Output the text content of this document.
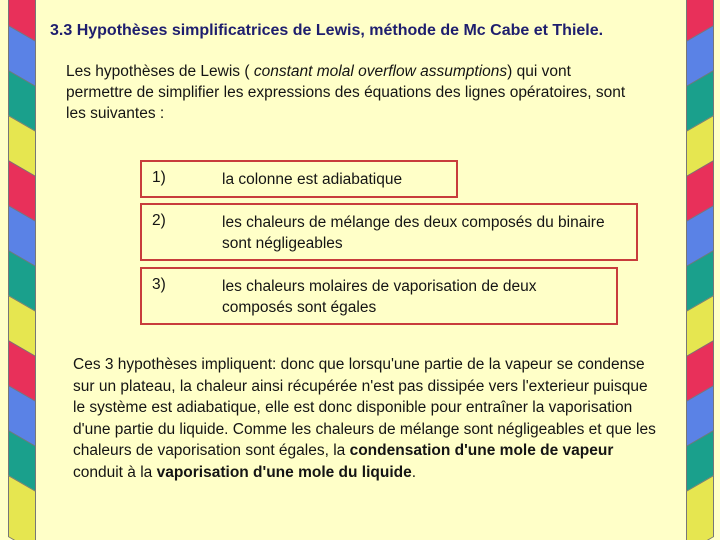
3.3 Hypothèses simplificatrices de Lewis, méthode de Mc Cabe et Thiele.

Les hypothèses de Lewis ( constant molal overflow assumptions) qui vont permettre de simplifier les expressions des équations des lignes opératoires, sont les suivantes :

1)	la colonne est adiabatique
2)	les chaleurs de mélange des deux composés du binaire sont négligeables
3)	les chaleurs molaires de vaporisation de deux composés sont égales

Ces 3 hypothèses impliquent: donc que lorsqu'une partie de la vapeur se condense sur un plateau, la chaleur ainsi récupérée n'est pas dissipée vers l'exterieur puisque le système est adiabatique, elle est donc disponible pour entraîner la vaporisation d'une partie du liquide. Comme les chaleurs de mélange sont négligeables et que les chaleurs de vaporisation sont égales, la condensation d'une mole de vapeur conduit à la vaporisation d'une mole du liquide.
